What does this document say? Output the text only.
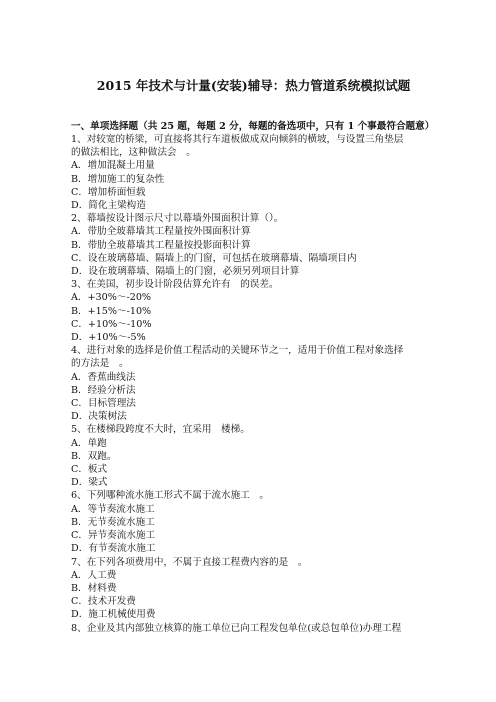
2015 年技术与计量(安装)辅导：热力管道系统模拟试题

一、单项选择题（共 25 题，每题 2 分，每题的备选项中，只有 1 个事最符合题意）

1、对较宽的桥梁，可直接将其行车道板做成双向倾斜的横坡，与设置三角垫层
的做法相比，这种做法会　。
A．增加混凝土用量
B．增加施工的复杂性
C．增加桥面恒载
D．简化主梁构造
2、幕墙按设计图示尺寸以幕墙外围面积计算（）。
A．带肋全玻幕墙其工程量按外围面积计算
B．带肋全玻幕墙其工程量按投影面积计算
C．设在玻璃幕墙、隔墙上的门窗，可包括在玻璃幕墙、隔墙项目内
D．设在玻璃幕墙、隔墙上的门窗，必须另列项目计算
3、在美国，初步设计阶段估算允许有　的误差。
A．+30%～-20%
B．+15%～-10%
C．+10%～-10%
D．+10%～-5%
4、进行对象的选择是价值工程活动的关键环节之一，适用于价值工程对象选择
的方法是　。
A．香蕉曲线法
B．经验分析法
C．目标管理法
D．决策树法
5、在楼梯段跨度不大时，宜采用　楼梯。
A．单跑
B．双跑。
C．板式
D．梁式
6、下列哪种流水施工形式不属于流水施工　。
A．等节奏流水施工
B．无节奏流水施工
C．异节奏流水施工
D．有节奏流水施工
7、在下列各项费用中，不属于直接工程费内容的是　。
A．人工费
B．材料费
C．技术开发费
D．施工机械使用费
8、企业及其内部独立核算的施工单位已向工程发包单位(或总包单位)办理工程
